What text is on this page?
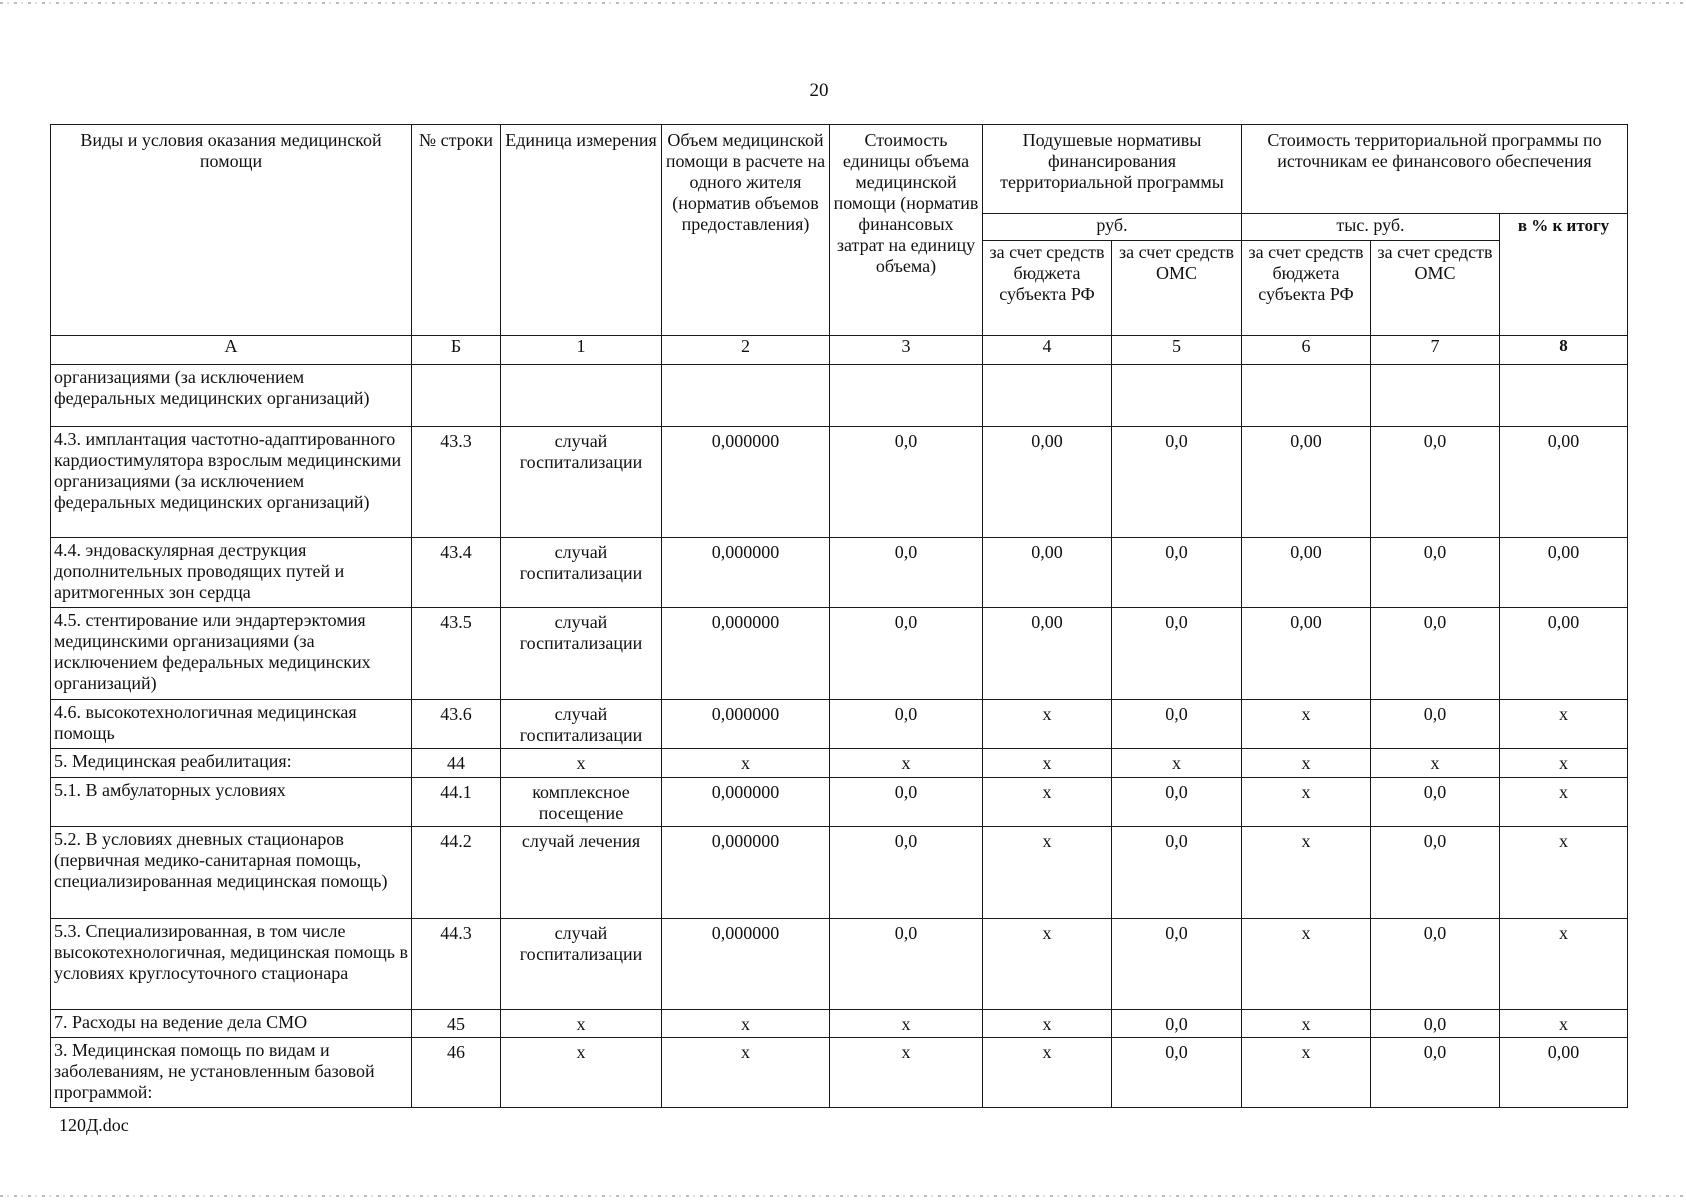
20
Виды и условия оказания медицинской помощи	№ строки	Единица измерения	Объем медицинской помощи в расчете на одного жителя (норматив объемов предоставления)	Стоимость единицы объема медицинской помощи (норматив финансовых затрат на единицу объема)	Подушевые нормативы финансирования территориальной программы		Стоимость территориальной программы по источникам ее финансового обеспечения		
					руб.		тыс. руб.		в % к итогу
					за счет средств бюджета субъекта РФ	за счет средств ОМС	за счет средств бюджета субъекта РФ	за счет средств ОМС	
А	Б	1	2	3	4	5	6	7	8
организациями (за исключением федеральных медицинских организаций)									
4.3. имплантация частотно-адаптированного кардиостимулятора взрослым медицинскими организациями (за исключением федеральных медицинских организаций)	43.3	случай госпитализации	0,000000	0,0	0,00	0,0	0,00	0,0	0,00
4.4. эндоваскулярная деструкция дополнительных проводящих путей и аритмогенных зон сердца	43.4	случай госпитализации	0,000000	0,0	0,00	0,0	0,00	0,0	0,00
4.5. стентирование или эндартерэктомия медицинскими организациями (за исключением федеральных медицинских организаций)	43.5	случай госпитализации	0,000000	0,0	0,00	0,0	0,00	0,0	0,00
4.6. высокотехнологичная медицинская помощь	43.6	случай госпитализации	0,000000	0,0	х	0,0	х	0,0	х
5. Медицинская реабилитация:	44	х	х	х	х	х	х	х	х
5.1. В амбулаторных условиях	44.1	комплексное посещение	0,000000	0,0	х	0,0	х	0,0	х
5.2. В условиях дневных стационаров (первичная медико-санитарная помощь, специализированная медицинская помощь)	44.2	случай лечения	0,000000	0,0	х	0,0	х	0,0	х
5.3. Специализированная, в том числе высокотехнологичная, медицинская помощь в условиях круглосуточного стационара	44.3	случай госпитализации	0,000000	0,0	х	0,0	х	0,0	х
7. Расходы на ведение дела СМО	45	х	х	х	х	0,0	х	0,0	х
3. Медицинская помощь по видам и заболеваниям, не установленным базовой программой:	46	х	х	х	х	0,0	х	0,0	0,00
120Д.doc
